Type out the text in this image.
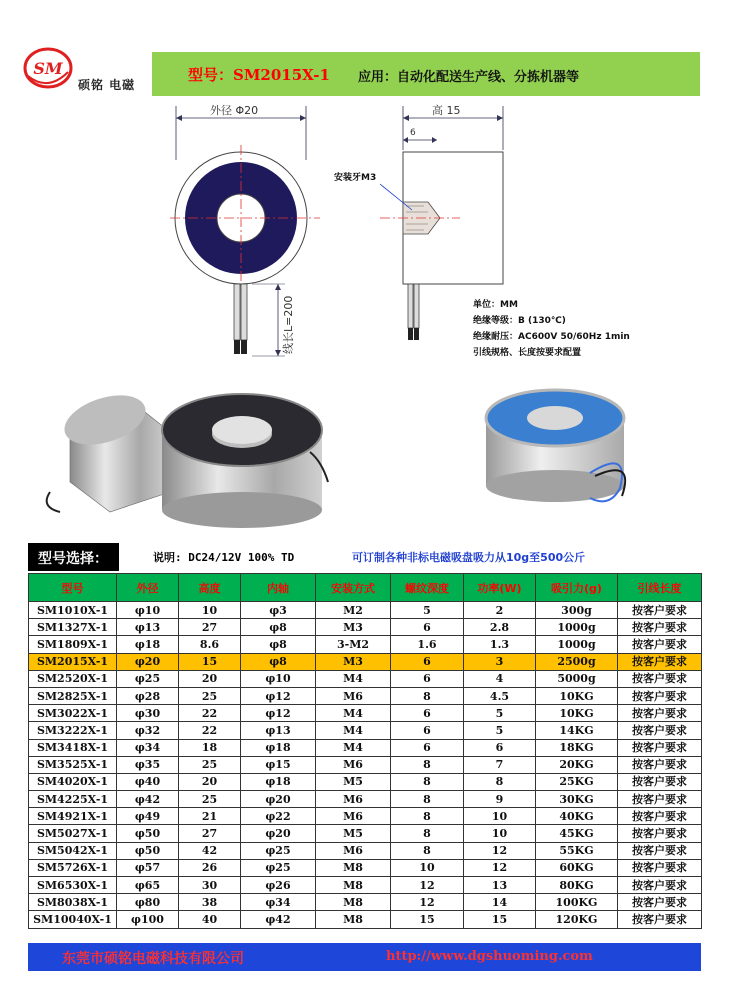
SM
硕铭 电磁
型号：SM2015X-1 应用：自动化配送生产线、分拣机器等
外径 Φ20
线长L=200
高 15
6
安装牙M3
单位：MM
绝缘等级：B (130℃)
绝缘耐压：AC600V 50/60Hz 1min
引线规格、长度按要求配置
型号选择：	说明: DC24/12V 100% TD	可订制各种非标电磁吸盘吸力从10g至500公斤
型号	外径	高度	内轴	安装方式	螺纹深度	功率(W)	吸引力(g)	引线长度
SM1010X-1	φ10	10	φ3	M2	5	2	300g	按客户要求
SM1327X-1	φ13	27	φ8	M3	6	2.8	1000g	按客户要求
SM1809X-1	φ18	8.6	φ8	3-M2	1.6	1.3	1000g	按客户要求
SM2015X-1	φ20	15	φ8	M3	6	3	2500g	按客户要求
SM2520X-1	φ25	20	φ10	M4	6	4	5000g	按客户要求
SM2825X-1	φ28	25	φ12	M6	8	4.5	10KG	按客户要求
SM3022X-1	φ30	22	φ12	M4	6	5	10KG	按客户要求
SM3222X-1	φ32	22	φ13	M4	6	5	14KG	按客户要求
SM3418X-1	φ34	18	φ18	M4	6	6	18KG	按客户要求
SM3525X-1	φ35	25	φ15	M6	8	7	20KG	按客户要求
SM4020X-1	φ40	20	φ18	M5	8	8	25KG	按客户要求
SM4225X-1	φ42	25	φ20	M6	8	9	30KG	按客户要求
SM4921X-1	φ49	21	φ22	M6	8	10	40KG	按客户要求
SM5027X-1	φ50	27	φ20	M5	8	10	45KG	按客户要求
SM5042X-1	φ50	42	φ25	M6	8	12	55KG	按客户要求
SM5726X-1	φ57	26	φ25	M8	10	12	60KG	按客户要求
SM6530X-1	φ65	30	φ26	M8	12	13	80KG	按客户要求
SM8038X-1	φ80	38	φ34	M8	12	14	100KG	按客户要求
SM10040X-1	φ100	40	φ42	M8	15	15	120KG	按客户要求
东莞市硕铭电磁科技有限公司	http://www.dgshuoming.com
